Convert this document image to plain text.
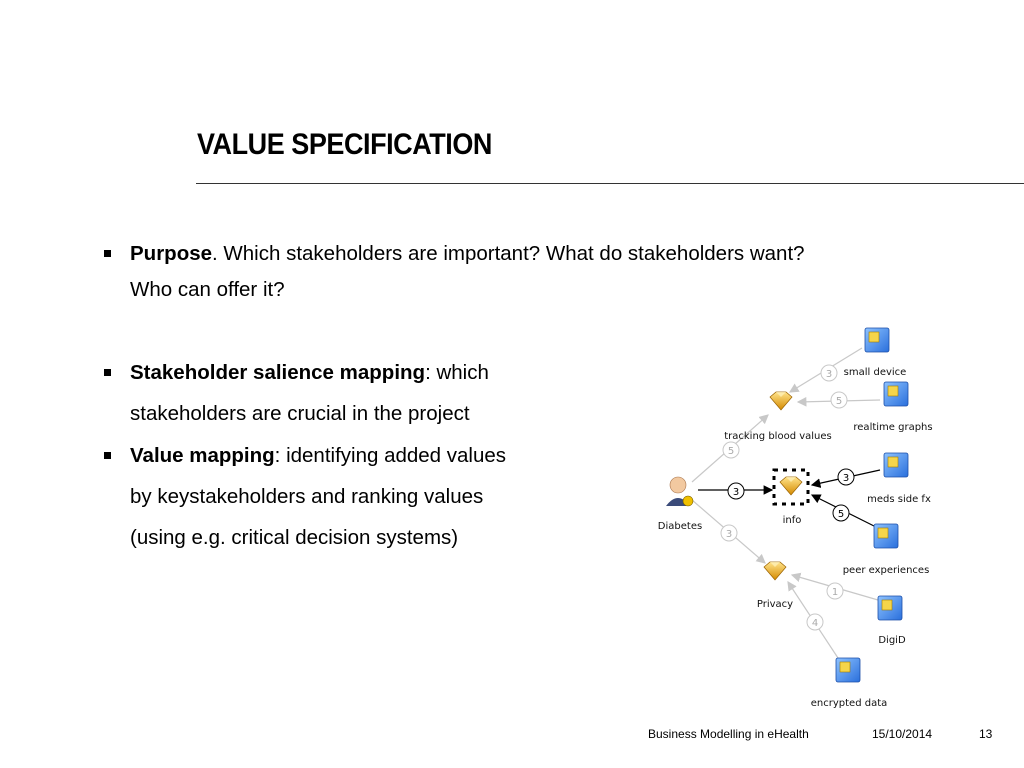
VALUE SPECIFICATION
Purpose. Which stakeholders are important? What do stakeholders want?
Who can offer it?
Stakeholder salience mapping: which
stakeholders are crucial in the project
Value mapping: identifying added values
by keystakeholders and ranking values
(using e.g. critical decision systems)
3
5
5
3
3
5
3
1
4
Diabetes
tracking blood values
info
Privacy
small device
realtime graphs
meds side fx
peer experiences
DigiD
encrypted data
Business Modelling in eHealth	15/10/2014	13
